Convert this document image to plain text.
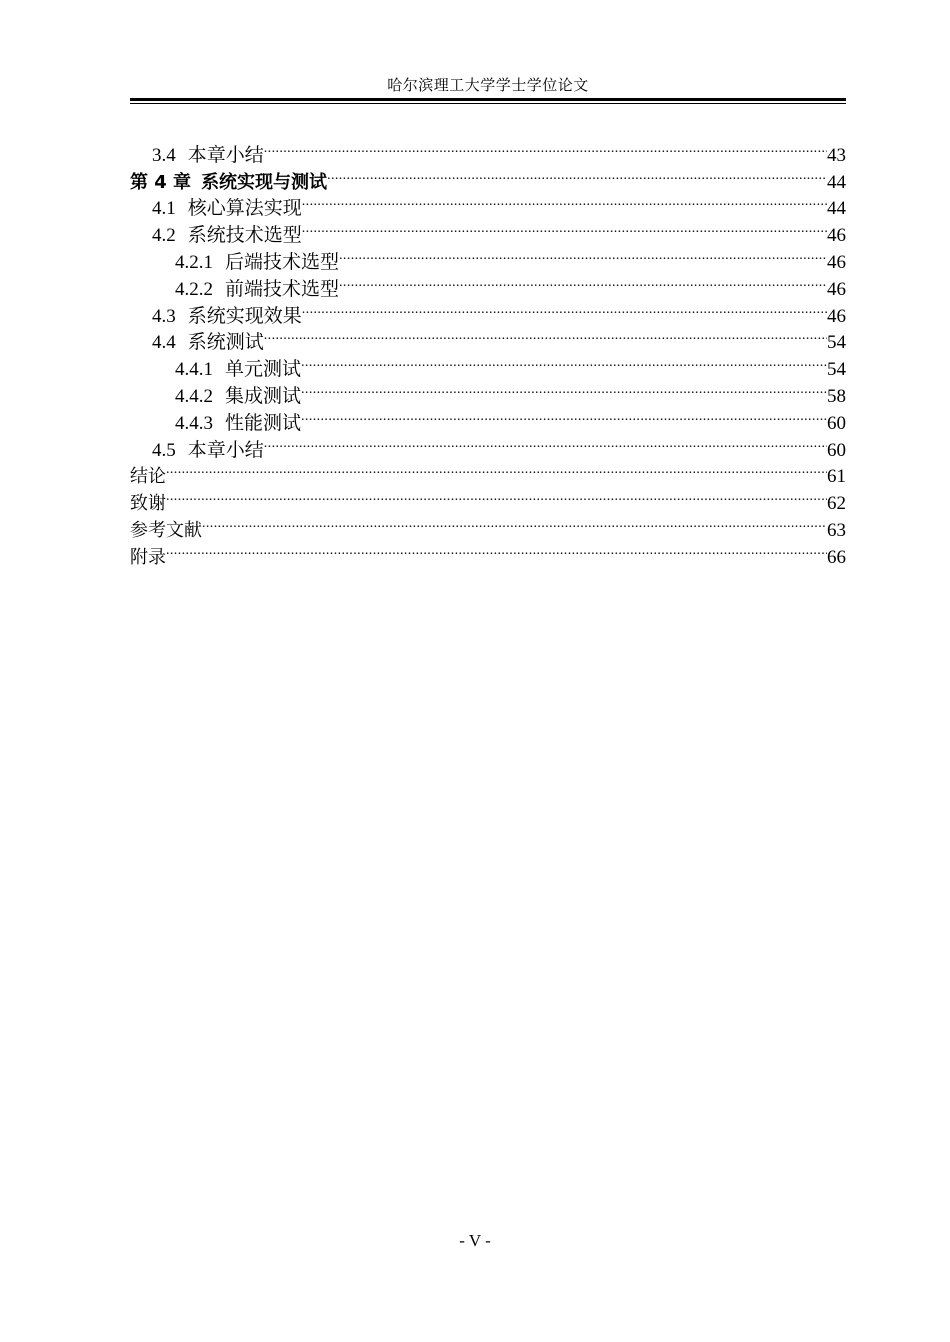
哈尔滨理工大学学士学位论文
3.4 本章小结 .....	43
第 4 章 系统实现与测试 .....	44
4.1 核心算法实现 .....	44
4.2 系统技术选型 .....	46
4.2.1 后端技术选型 .....	46
4.2.2 前端技术选型 .....	46
4.3 系统实现效果 .....	46
4.4 系统测试 .....	54
4.4.1 单元测试 .....	54
4.4.2 集成测试 .....	58
4.4.3 性能测试 .....	60
4.5 本章小结 .....	60
结论 .....	61
致谢 .....	62
参考文献 .....	63
附录 .....	66
- V -
